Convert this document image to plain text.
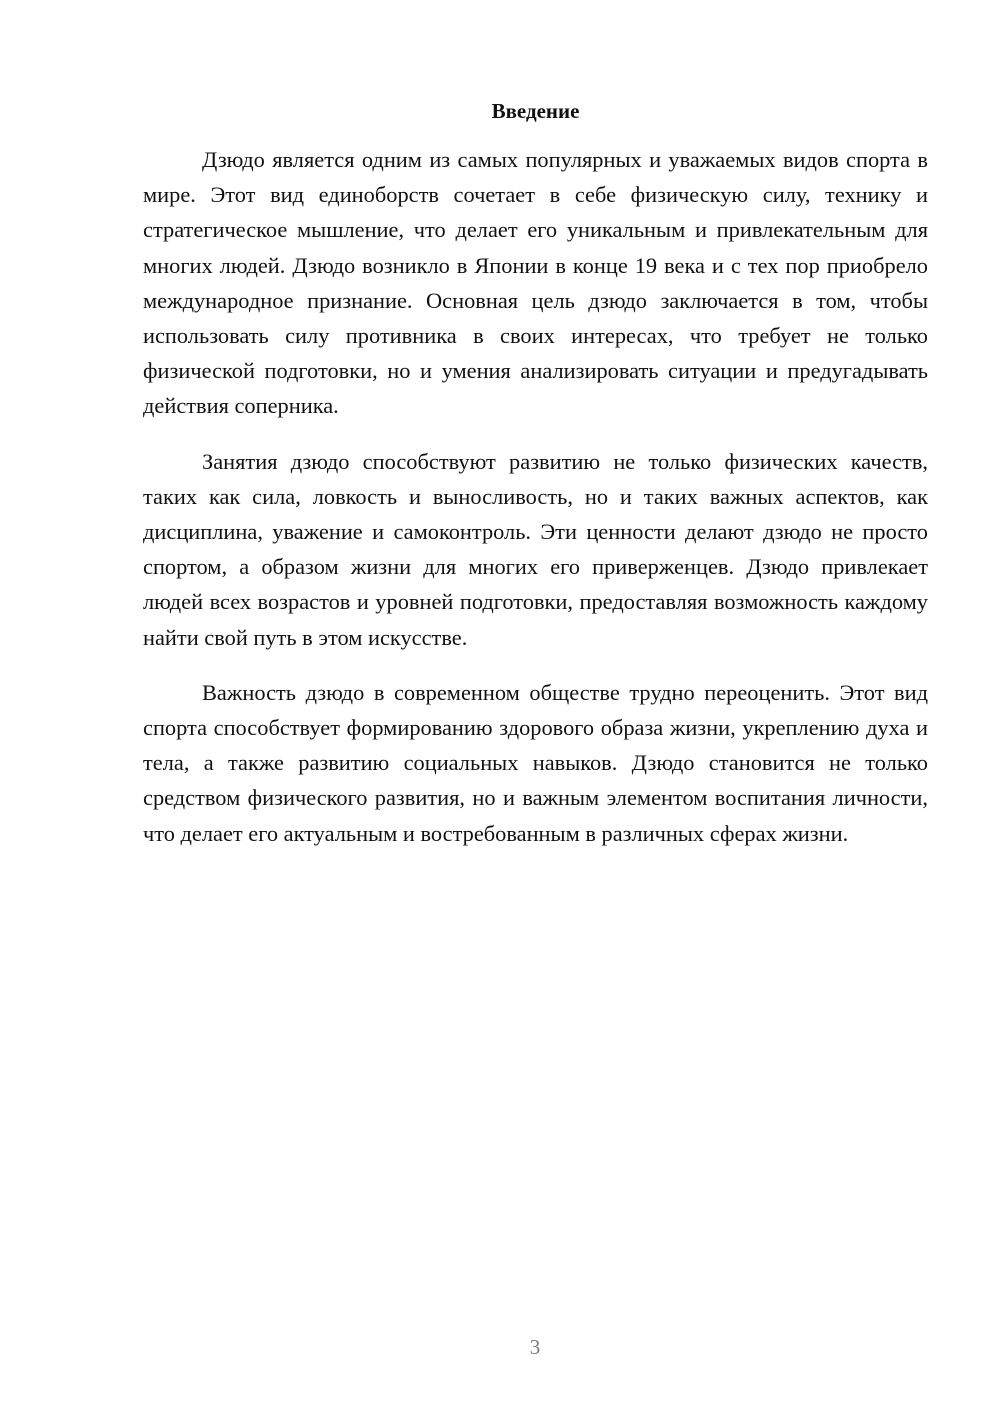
Введение

Дзюдо является одним из самых популярных и уважаемых видов спорта в мире. Этот вид единоборств сочетает в себе физическую силу, технику и стратегическое мышление, что делает его уникальным и привлекательным для многих людей. Дзюдо возникло в Японии в конце 19 века и с тех пор приобрело международное признание. Основная цель дзюдо заключается в том, чтобы использовать силу противника в своих интересах, что требует не только физической подготовки, но и умения анализировать ситуации и предугадывать действия соперника.

Занятия дзюдо способствуют развитию не только физических качеств, таких как сила, ловкость и выносливость, но и таких важных аспектов, как дисциплина, уважение и самоконтроль. Эти ценности делают дзюдо не просто спортом, а образом жизни для многих его приверженцев. Дзюдо привлекает людей всех возрастов и уровней подготовки, предоставляя возможность каждому найти свой путь в этом искусстве.

Важность дзюдо в современном обществе трудно переоценить. Этот вид спорта способствует формированию здорового образа жизни, укреплению духа и тела, а также развитию социальных навыков. Дзюдо становится не только средством физического развития, но и важным элементом воспитания личности, что делает его актуальным и востребованным в различных сферах жизни.

3
